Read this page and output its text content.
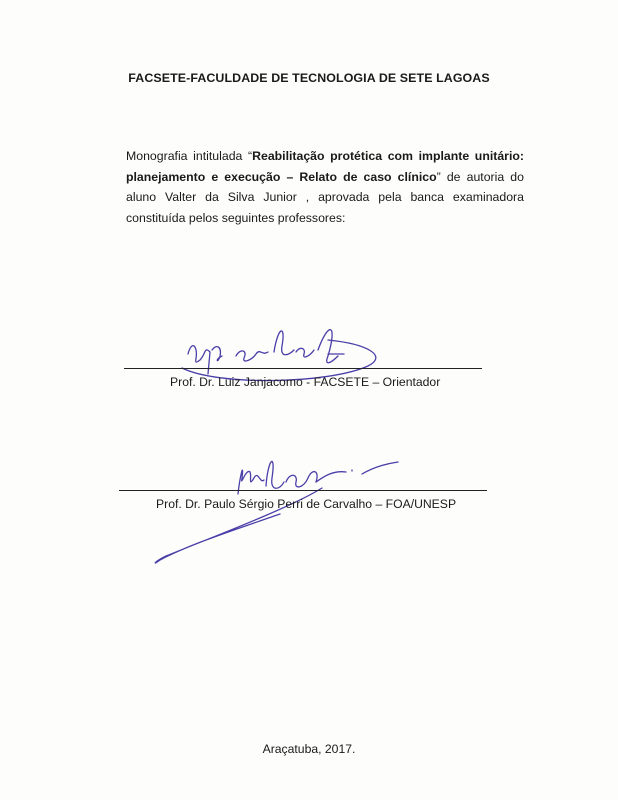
FACSETE-FACULDADE DE TECNOLOGIA DE SETE LAGOAS
Monografia intitulada “Reabilitação protética com implante unitário: planejamento e execução – Relato de caso clínico” de autoria do aluno Valter da Silva Junior , aprovada pela banca examinadora constituída pelos seguintes professores:
Prof. Dr. Luiz Janjacomo - FACSETE – Orientador
Prof. Dr. Paulo Sérgio Perri de Carvalho – FOA/UNESP
Araçatuba, 2017.
